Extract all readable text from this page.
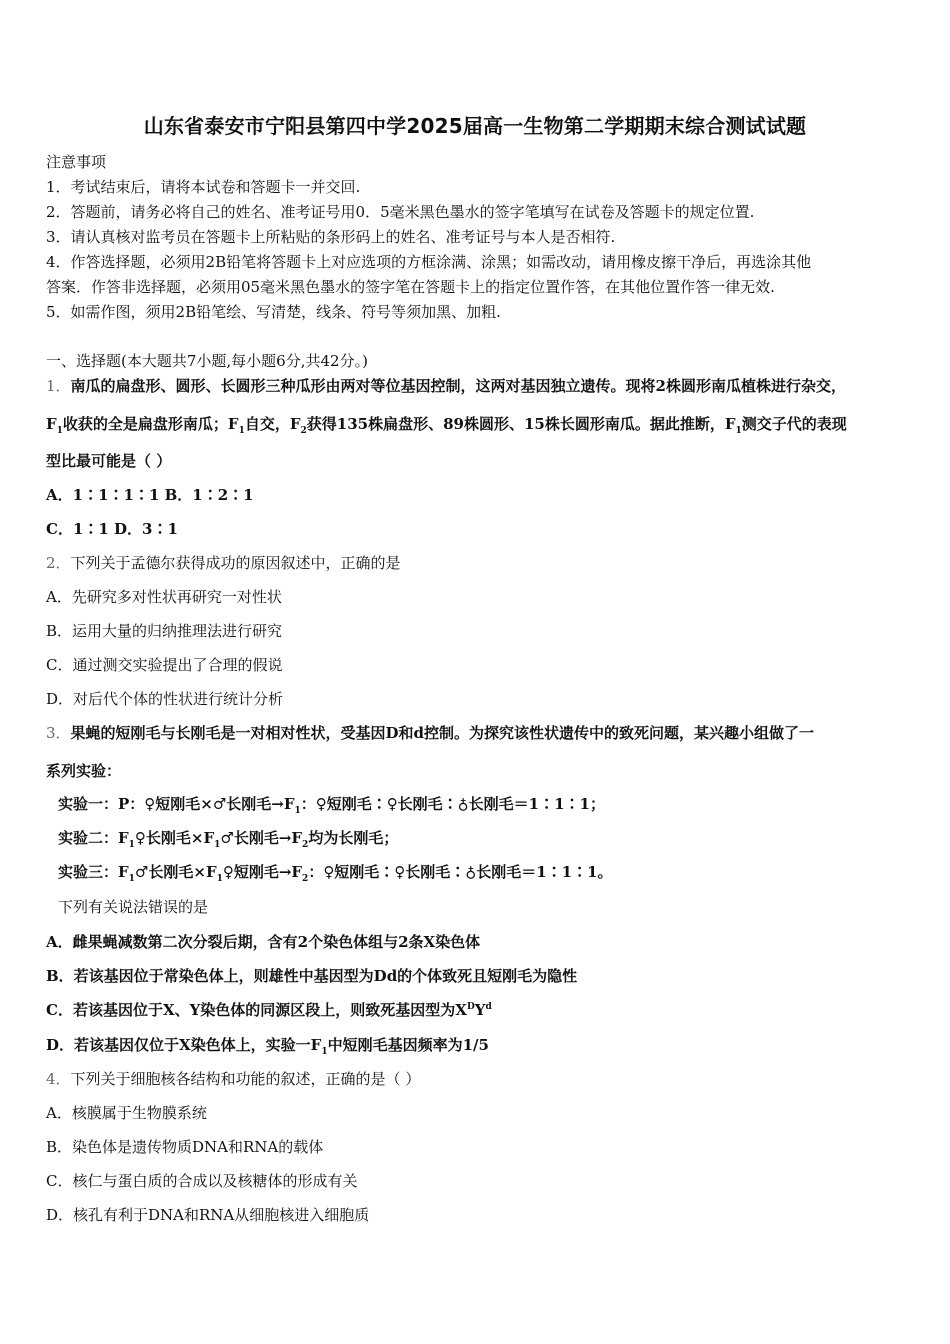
山东省泰安市宁阳县第四中学2025届高一生物第二学期期末综合测试试题
注意事项
1．考试结束后，请将本试卷和答题卡一并交回.
2．答题前，请务必将自己的姓名、准考证号用0．5毫米黑色墨水的签字笔填写在试卷及答题卡的规定位置.
3．请认真核对监考员在答题卡上所粘贴的条形码上的姓名、准考证号与本人是否相符.
4．作答选择题，必须用2B铅笔将答题卡上对应选项的方框涂满、涂黑；如需改动，请用橡皮擦干净后，再选涂其他
答案．作答非选择题，必须用05毫米黑色墨水的签字笔在答题卡上的指定位置作答，在其他位置作答一律无效.
5．如需作图，须用2B铅笔绘、写清楚，线条、符号等须加黑、加粗.
一、选择题(本大题共7小题,每小题6分,共42分。)
1．南瓜的扁盘形、圆形、长圆形三种瓜形由两对等位基因控制，这两对基因独立遗传。现将2株圆形南瓜植株进行杂交，
$F_1$收获的全是扁盘形南瓜；$F_1$自交，$F_2$获得135株扁盘形、89株圆形、15株长圆形南瓜。据此推断，$F_1$测交子代的表现
型比最可能是（ ）
A．1∶1∶1∶1 B．1∶2∶1
C．1∶1 D．3∶1
2．下列关于孟德尔获得成功的原因叙述中，正确的是
A．先研究多对性状再研究一对性状
B．运用大量的归纳推理法进行研究
C．通过测交实验提出了合理的假说
D．对后代个体的性状进行统计分析
3．果蝇的短刚毛与长刚毛是一对相对性状，受基因D和d控制。为探究该性状遗传中的致死问题，某兴趣小组做了一
系列实验：
实验一：P：♀短刚毛×♂长刚毛$\to F_1$：♀短刚毛∶♀长刚毛∶♁长刚毛＝1∶1∶1；
实验二：$F_1♀$长刚毛$\times F_1♂$长刚毛$\to F_2$均为长刚毛；
实验三：$F_1♂$长刚毛$\times F_1♀$短刚毛$\to F_2$：♀短刚毛∶♀长刚毛∶♁长刚毛＝1∶1∶1。
下列有关说法错误的是
A．雌果蝇减数第二次分裂后期，含有2个染色体组与2条X染色体
B．若该基因位于常染色体上，则雄性中基因型为Dd的个体致死且短刚毛为隐性
C．若该基因位于X、Y染色体的同源区段上，则致死基因型为$X^DY^d$
D．若该基因仅位于X染色体上，实验一$F_1$中短刚毛基因频率为1/5
4．下列关于细胞核各结构和功能的叙述，正确的是（ ）
A．核膜属于生物膜系统
B．染色体是遗传物质DNA和RNA的载体
C．核仁与蛋白质的合成以及核糖体的形成有关
D．核孔有利于DNA和RNA从细胞核进入细胞质
